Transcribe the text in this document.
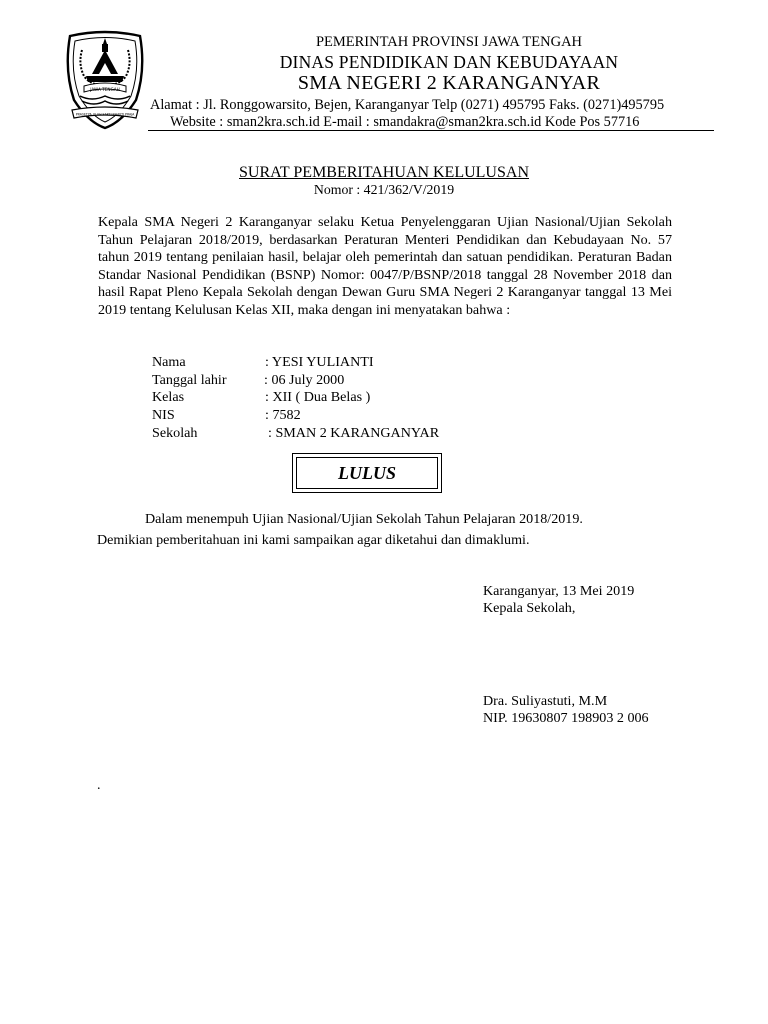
JAWA TENGAH
PRASETYA ULAH SAKTI BHAKTI PRAJA
PEMERINTAH PROVINSI JAWA TENGAH
DINAS PENDIDIKAN DAN KEBUDAYAAN
SMA NEGERI 2 KARANGANYAR
Alamat : Jl. Ronggowarsito, Bejen, Karanganyar Telp (0271) 495795 Faks. (0271)495795
Website : sman2kra.sch.id E-mail : smandakra@sman2kra.sch.id Kode Pos 57716
SURAT PEMBERITAHUAN KELULUSAN
Nomor : 421/362/V/2019
Kepala SMA Negeri 2 Karanganyar selaku Ketua Penyelenggaran Ujian Nasional/Ujian Sekolah Tahun Pelajaran 2018/2019, berdasarkan Peraturan Menteri Pendidikan dan Kebudayaan No. 57 tahun 2019 tentang penilaian hasil, belajar oleh pemerintah dan satuan pendidikan. Peraturan Badan Standar Nasional Pendidikan (BSNP) Nomor: 0047/P/BSNP/2018 tanggal 28 November 2018 dan hasil Rapat Pleno Kepala Sekolah dengan Dewan Guru SMA Negeri 2 Karanganyar tanggal 13 Mei 2019 tentang Kelulusan Kelas XII, maka dengan ini menyatakan bahwa :
Nama	: YESI YULIANTI
Tanggal lahir	: 06 July 2000
Kelas	: XII ( Dua Belas )
NIS	: 7582
Sekolah	: SMAN 2 KARANGANYAR
LULUS
Dalam menempuh Ujian Nasional/Ujian Sekolah Tahun Pelajaran 2018/2019.
Demikian pemberitahuan ini kami sampaikan agar diketahui dan dimaklumi.
Karanganyar, 13 Mei 2019
Kepala Sekolah,
Dra. Suliyastuti, M.M
NIP. 19630807 198903 2 006
.
